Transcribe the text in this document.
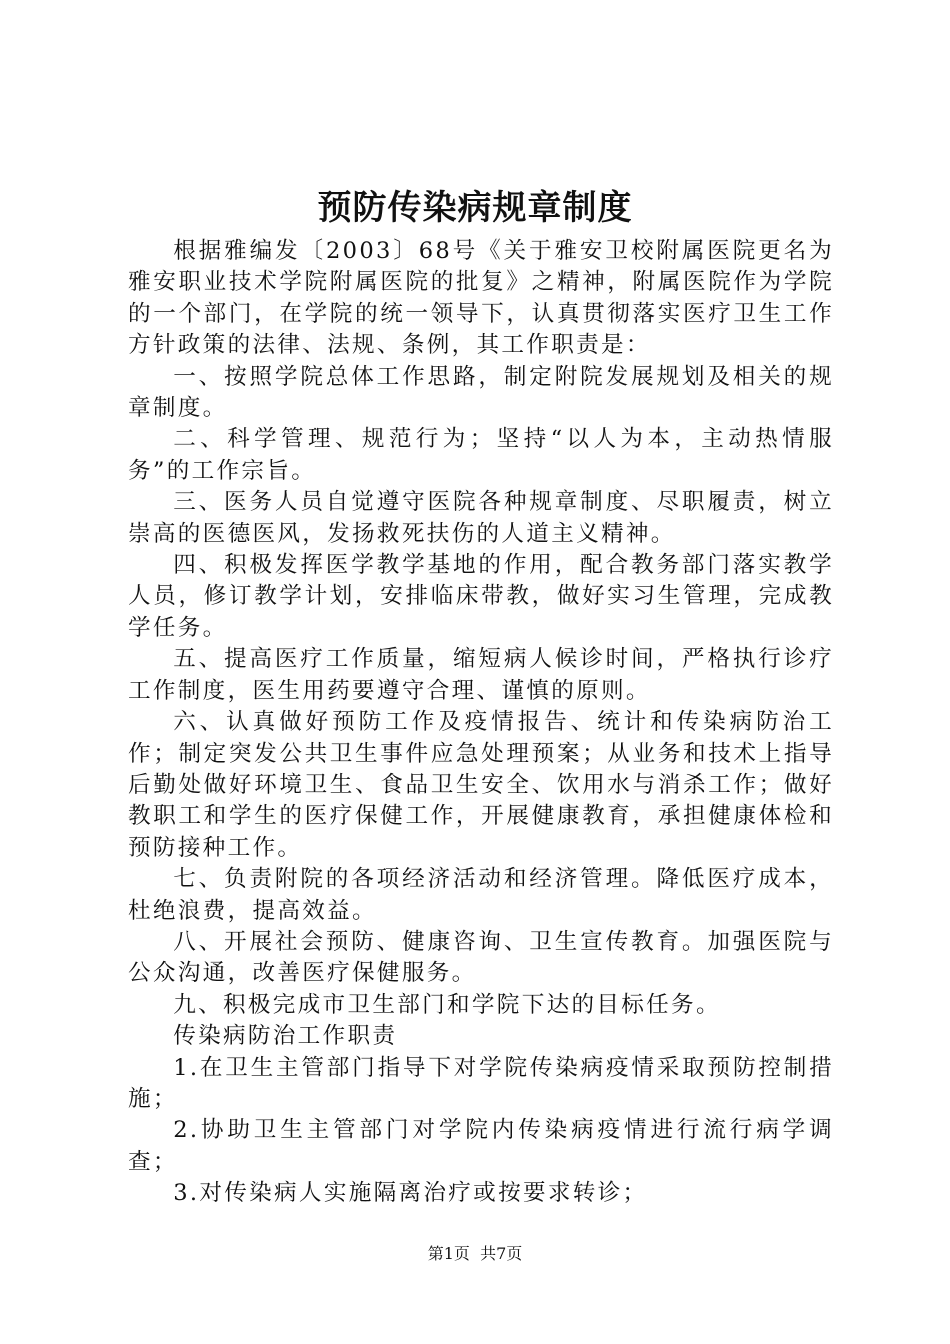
预防传染病规章制度

根据雅编发〔2003〕68号《关于雅安卫校附属医院更名为雅安职业技术学院附属医院的批复》之精神，附属医院作为学院的一个部门，在学院的统一领导下，认真贯彻落实医疗卫生工作方针政策的法律、法规、条例，其工作职责是：

一、按照学院总体工作思路，制定附院发展规划及相关的规章制度。

二、科学管理、规范行为；坚持“以人为本，主动热情服务”的工作宗旨。

三、医务人员自觉遵守医院各种规章制度、尽职履责，树立崇高的医德医风，发扬救死扶伤的人道主义精神。

四、积极发挥医学教学基地的作用，配合教务部门落实教学人员，修订教学计划，安排临床带教，做好实习生管理，完成教学任务。

五、提高医疗工作质量，缩短病人候诊时间，严格执行诊疗工作制度，医生用药要遵守合理、谨慎的原则。

六、认真做好预防工作及疫情报告、统计和传染病防治工作；制定突发公共卫生事件应急处理预案；从业务和技术上指导后勤处做好环境卫生、食品卫生安全、饮用水与消杀工作；做好教职工和学生的医疗保健工作，开展健康教育，承担健康体检和预防接种工作。

七、负责附院的各项经济活动和经济管理。降低医疗成本，杜绝浪费，提高效益。

八、开展社会预防、健康咨询、卫生宣传教育。加强医院与公众沟通，改善医疗保健服务。

九、积极完成市卫生部门和学院下达的目标任务。

传染病防治工作职责

1.在卫生主管部门指导下对学院传染病疫情采取预防控制措施；

2.协助卫生主管部门对学院内传染病疫情进行流行病学调查；

3.对传染病人实施隔离治疗或按要求转诊；

第1页 共7页
